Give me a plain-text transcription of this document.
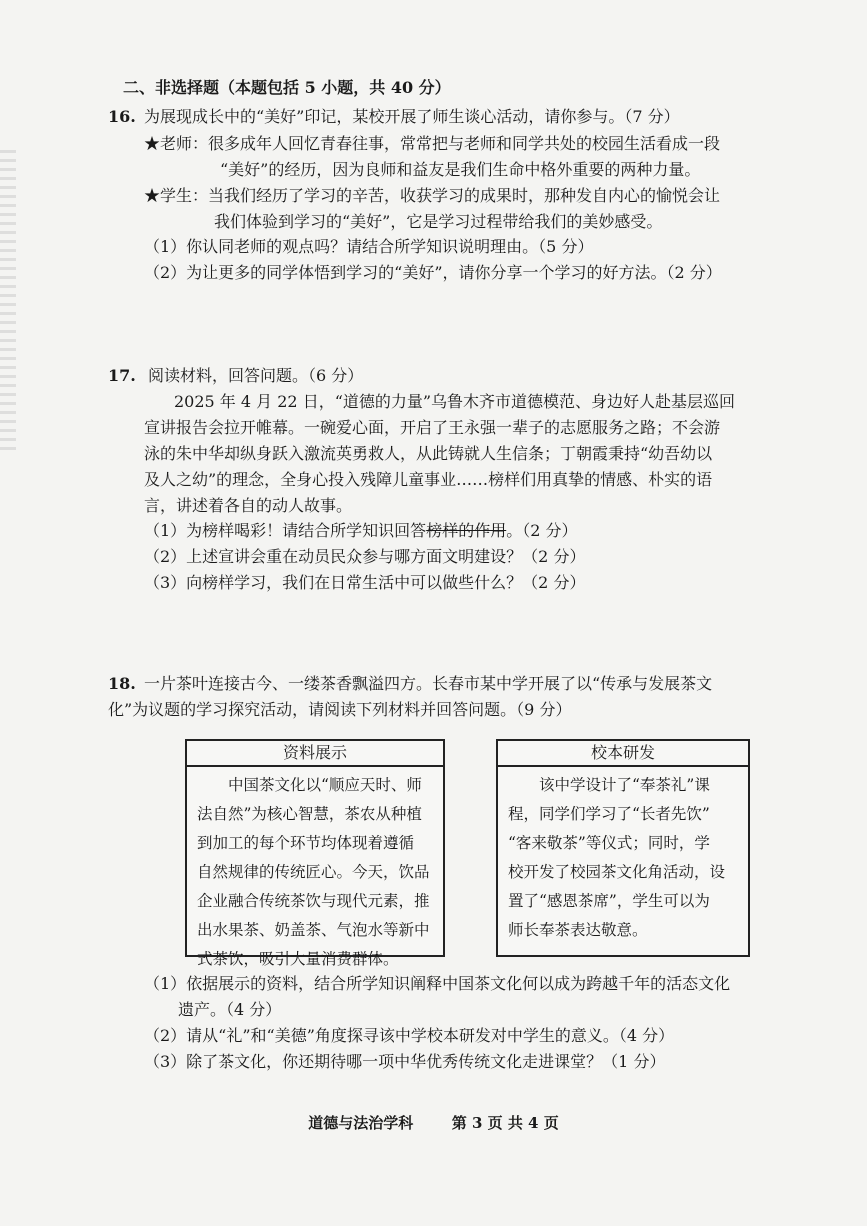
二、非选择题（本题包括 5 小题，共 40 分）
16. 为展现成长中的“美好”印记，某校开展了师生谈心活动，请你参与。（7 分）
★老师：很多成年人回忆青春往事，常常把与老师和同学共处的校园生活看成一段
“美好”的经历，因为良师和益友是我们生命中格外重要的两种力量。
★学生：当我们经历了学习的辛苦，收获学习的成果时，那种发自内心的愉悦会让
我们体验到学习的“美好”，它是学习过程带给我们的美妙感受。
（1）你认同老师的观点吗？请结合所学知识说明理由。（5 分）
（2）为让更多的同学体悟到学习的“美好”，请你分享一个学习的好方法。（2 分）
17. 阅读材料，回答问题。（6 分）
2025 年 4 月 22 日，“道德的力量”乌鲁木齐市道德模范、身边好人赴基层巡回
宣讲报告会拉开帷幕。一碗爱心面，开启了王永强一辈子的志愿服务之路；不会游
泳的朱中华却纵身跃入激流英勇救人，从此铸就人生信条；丁朝霞秉持“幼吾幼以
及人之幼”的理念，全身心投入残障儿童事业……榜样们用真挚的情感、朴实的语
言，讲述着各自的动人故事。
（1）为榜样喝彩！请结合所学知识回答榜样的作用。（2 分）
（2）上述宣讲会重在动员民众参与哪方面文明建设？（2 分）
（3）向榜样学习，我们在日常生活中可以做些什么？（2 分）
18. 一片茶叶连接古今、一缕茶香飘溢四方。长春市某中学开展了以“传承与发展茶文
化”为议题的学习探究活动，请阅读下列材料并回答问题。（9 分）
资料展示

　　中国茶文化以“顺应天时、师

法自然”为核心智慧，茶农从种植

到加工的每个环节均体现着遵循

自然规律的传统匠心。今天，饮品

企业融合传统茶饮与现代元素，推

出水果茶、奶盖茶、气泡水等新中

式茶饮，吸引大量消费群体。

校本研发

　　该中学设计了“奉茶礼”课

程，同学们学习了“长者先饮”

“客来敬茶”等仪式；同时，学

校开发了校园茶文化角活动，设

置了“感恩茶席”，学生可以为

师长奉茶表达敬意。

（1）依据展示的资料，结合所学知识阐释中国茶文化何以成为跨越千年的活态文化
遗产。（4 分）
（2）请从“礼”和“美德”角度探寻该中学校本研发对中学生的意义。（4 分）
（3）除了茶文化，你还期待哪一项中华优秀传统文化走进课堂？（1 分）
道德与法治学科	第 3 页 共 4 页
